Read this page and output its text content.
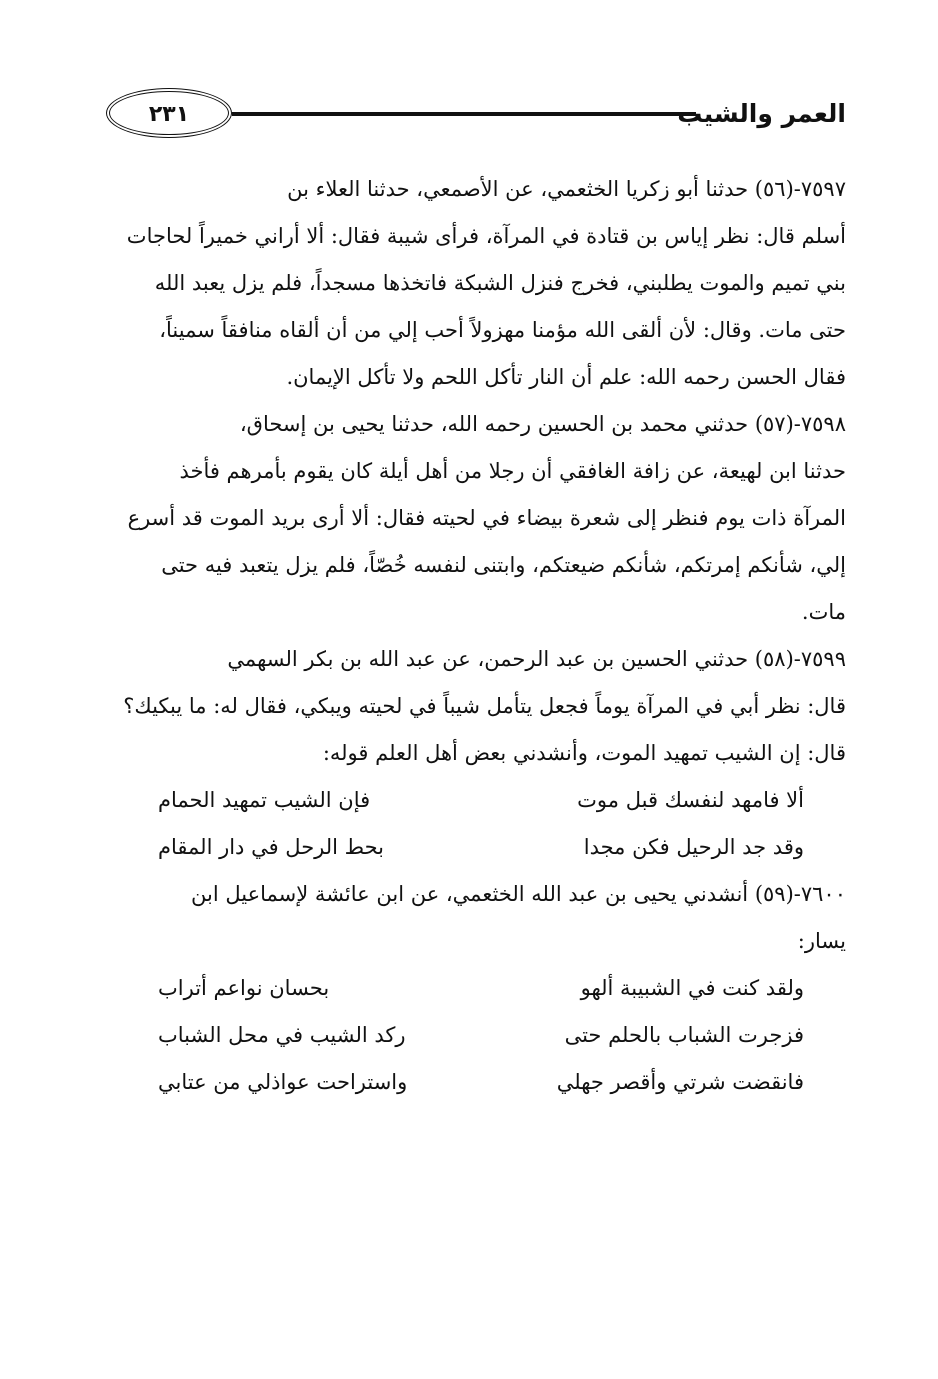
العمر والشيب
٢٣١
٧٥٩٧-(٥٦) حدثنا أبو زكريا الخثعمي، عن الأصمعي، حدثنا العلاء بن
أسلم قال: نظر إياس بن قتادة في المرآة، فرأى شيبة فقال: ألا أراني خميراً لحاجات
بني تميم والموت يطلبني، فخرج فنزل الشبكة فاتخذها مسجداً، فلم يزل يعبد الله
حتى مات. وقال: لأن ألقى الله مؤمنا مهزولاً أحب إلي من أن ألقاه منافقاً سميناً،
فقال الحسن رحمه الله: علم أن النار تأكل اللحم ولا تأكل الإيمان.
٧٥٩٨-(٥٧) حدثني محمد بن الحسين رحمه الله، حدثنا يحيى بن إسحاق،
حدثنا ابن لهيعة، عن زافة الغافقي أن رجلا من أهل أيلة كان يقوم بأمرهم فأخذ
المرآة ذات يوم فنظر إلى شعرة بيضاء في لحيته فقال: ألا أرى بريد الموت قد أسرع
إلي، شأنكم إمرتكم، شأنكم ضيعتكم، وابتنى لنفسه خُصّاً، فلم يزل يتعبد فيه حتى
مات.
٧٥٩٩-(٥٨) حدثني الحسين بن عبد الرحمن، عن عبد الله بن بكر السهمي
قال: نظر أبي في المرآة يوماً فجعل يتأمل شيباً في لحيته ويبكي، فقال له: ما يبكيك؟
قال: إن الشيب تمهيد الموت، وأنشدني بعض أهل العلم قوله:
ألا فامهد لنفسك قبل موت
فإن الشيب تمهيد الحمام
وقد جد الرحيل فكن مجدا
بحط الرحل في دار المقام
٧٦٠٠-(٥٩) أنشدني يحيى بن عبد الله الخثعمي، عن ابن عائشة لإسماعيل ابن
يسار:
ولقد كنت في الشبيبة ألهو
بحسان نواعم أتراب
فزجرت الشباب بالحلم حتى
ركد الشيب في محل الشباب
فانقضت شرتي وأقصر جهلي
واستراحت عواذلي من عتابي
